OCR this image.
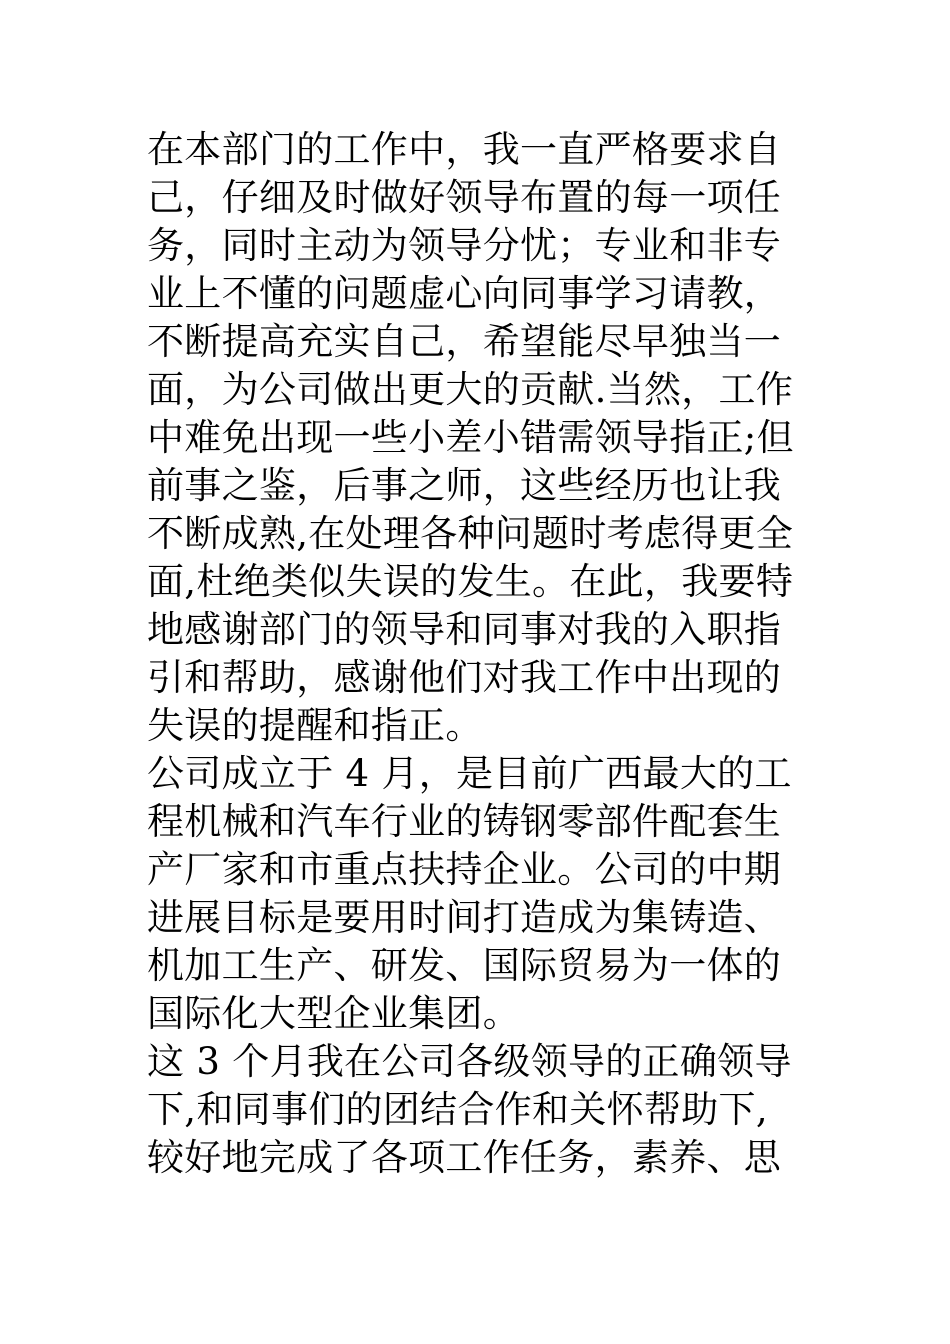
在本部门的工作中，我一直严格要求自
己，仔细及时做好领导布置的每一项任
务，同时主动为领导分忧；专业和非专
业上不懂的问题虚心向同事学习请教，
不断提高充实自己，希望能尽早独当一
面，为公司做出更大的贡献.当然，工作
中难免出现一些小差小错需领导指正;但
前事之鉴，后事之师，这些经历也让我
不断成熟,在处理各种问题时考虑得更全
面,杜绝类似失误的发生。在此，我要特
地感谢部门的领导和同事对我的入职指
引和帮助，感谢他们对我工作中出现的
失误的提醒和指正。
公司成立于 4 月，是目前广西最大的工
程机械和汽车行业的铸钢零部件配套生
产厂家和市重点扶持企业。公司的中期
进展目标是要用时间打造成为集铸造、
机加工生产、研发、国际贸易为一体的
国际化大型企业集团。
这 3 个月我在公司各级领导的正确领导
下,和同事们的团结合作和关怀帮助下,
较好地完成了各项工作任务，素养、思
